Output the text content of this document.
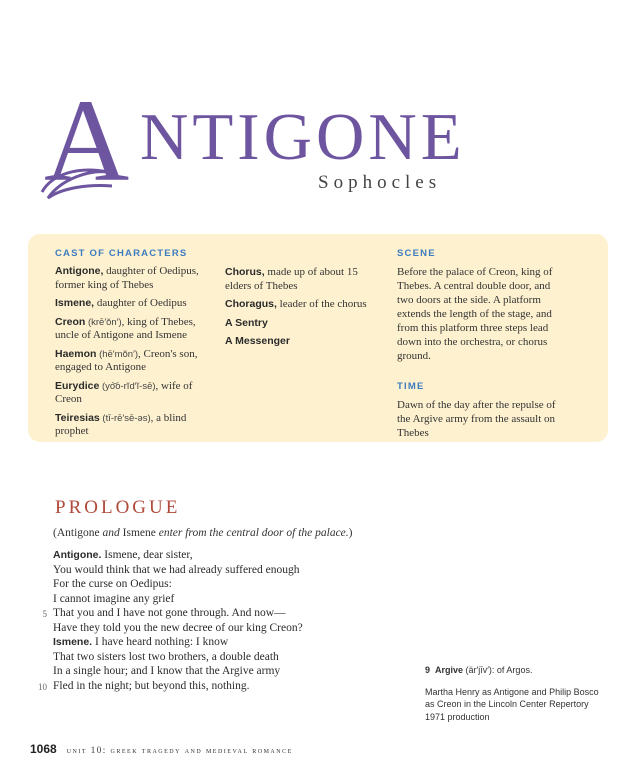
A NTIGONE
Sophocles
CAST OF CHARACTERS
Antigone, daughter of Oedipus, former king of Thebes
Ismene, daughter of Oedipus
Creon (krē′ŏn′), king of Thebes, uncle of Antigone and Ismene
Haemon (hē′mŏn′), Creon's son, engaged to Antigone
Eurydice (yo͝o-rĭd′ĭ-sē), wife of Creon
Teiresias (tī-rē′sē-əs), a blind prophet
Chorus, made up of about 15 elders of Thebes
Choragus, leader of the chorus
A Sentry
A Messenger
SCENE
Before the palace of Creon, king of Thebes. A central double door, and two doors at the side. A platform extends the length of the stage, and from this platform three steps lead down into the orchestra, or chorus ground.
TIME
Dawn of the day after the repulse of the Argive army from the assault on Thebes
PROLOGUE
(Antigone and Ismene enter from the central door of the palace.)
Antigone. Ismene, dear sister,
You would think that we had already suffered enough
For the curse on Oedipus:
I cannot imagine any grief
5 That you and I have not gone through. And now—
Have they told you the new decree of our king Creon?
Ismene. I have heard nothing: I know
That two sisters lost two brothers, a double death
In a single hour; and I know that the Argive army
10 Fled in the night; but beyond this, nothing.
9 Argive (är′jīv′): of Argos.
Martha Henry as Antigone and Philip Bosco as Creon in the Lincoln Center Repertory 1971 production
1068 unit 10: greek tragedy and medieval romance
